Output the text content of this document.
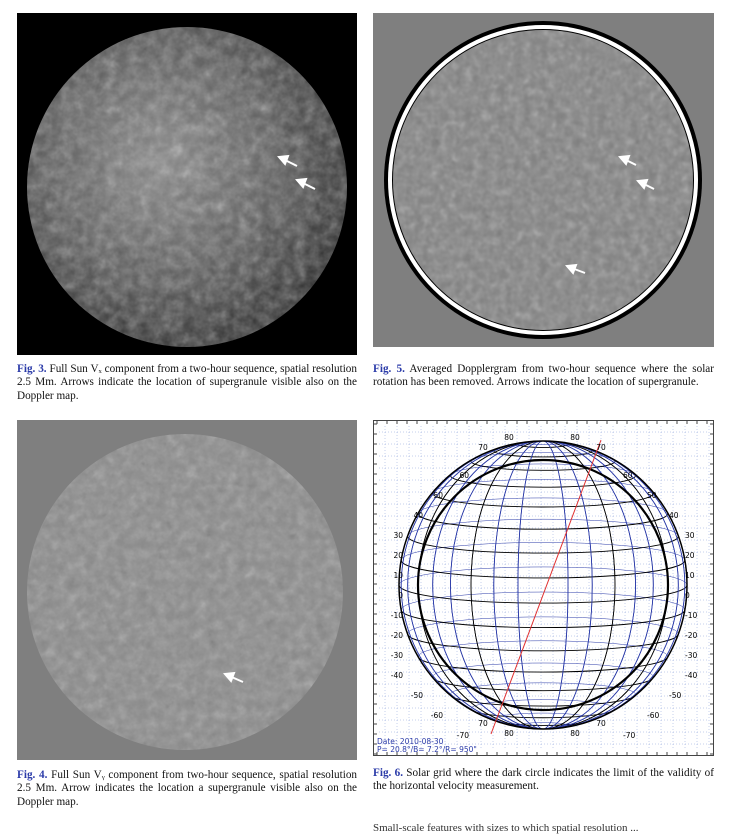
Fig. 3. Full Sun Vₓ component from a two-hour sequence, spatial resolution 2.5 Mm. Arrows indicate the location of supergranule visible also on the Doppler map.
Fig. 5. Averaged Dopplergram from two-hour sequence where the solar rotation has been removed. Arrows indicate the location of supergranule.
Fig. 4. Full Sun Vᵧ component from two-hour sequence, spatial resolution 2.5 Mm. Arrow indicates the location a supergranule visible also on the Doppler map.
60
50
40
30
20
10
0
-10
-20
-30
-40
-50
-60
-70
60
50
40
30
20
10
0
-10
-20
-30
-40
-50
-60
-70
70
80	80
70
70
80	80
70
Date: 2010-08-30
P= 20.8°/B= 7.2°/R= 950"
Fig. 6. Solar grid where the dark circle indicates the limit of the validity of the horizontal velocity measurement.
Small-scale features with sizes to which spatial resolution ...
